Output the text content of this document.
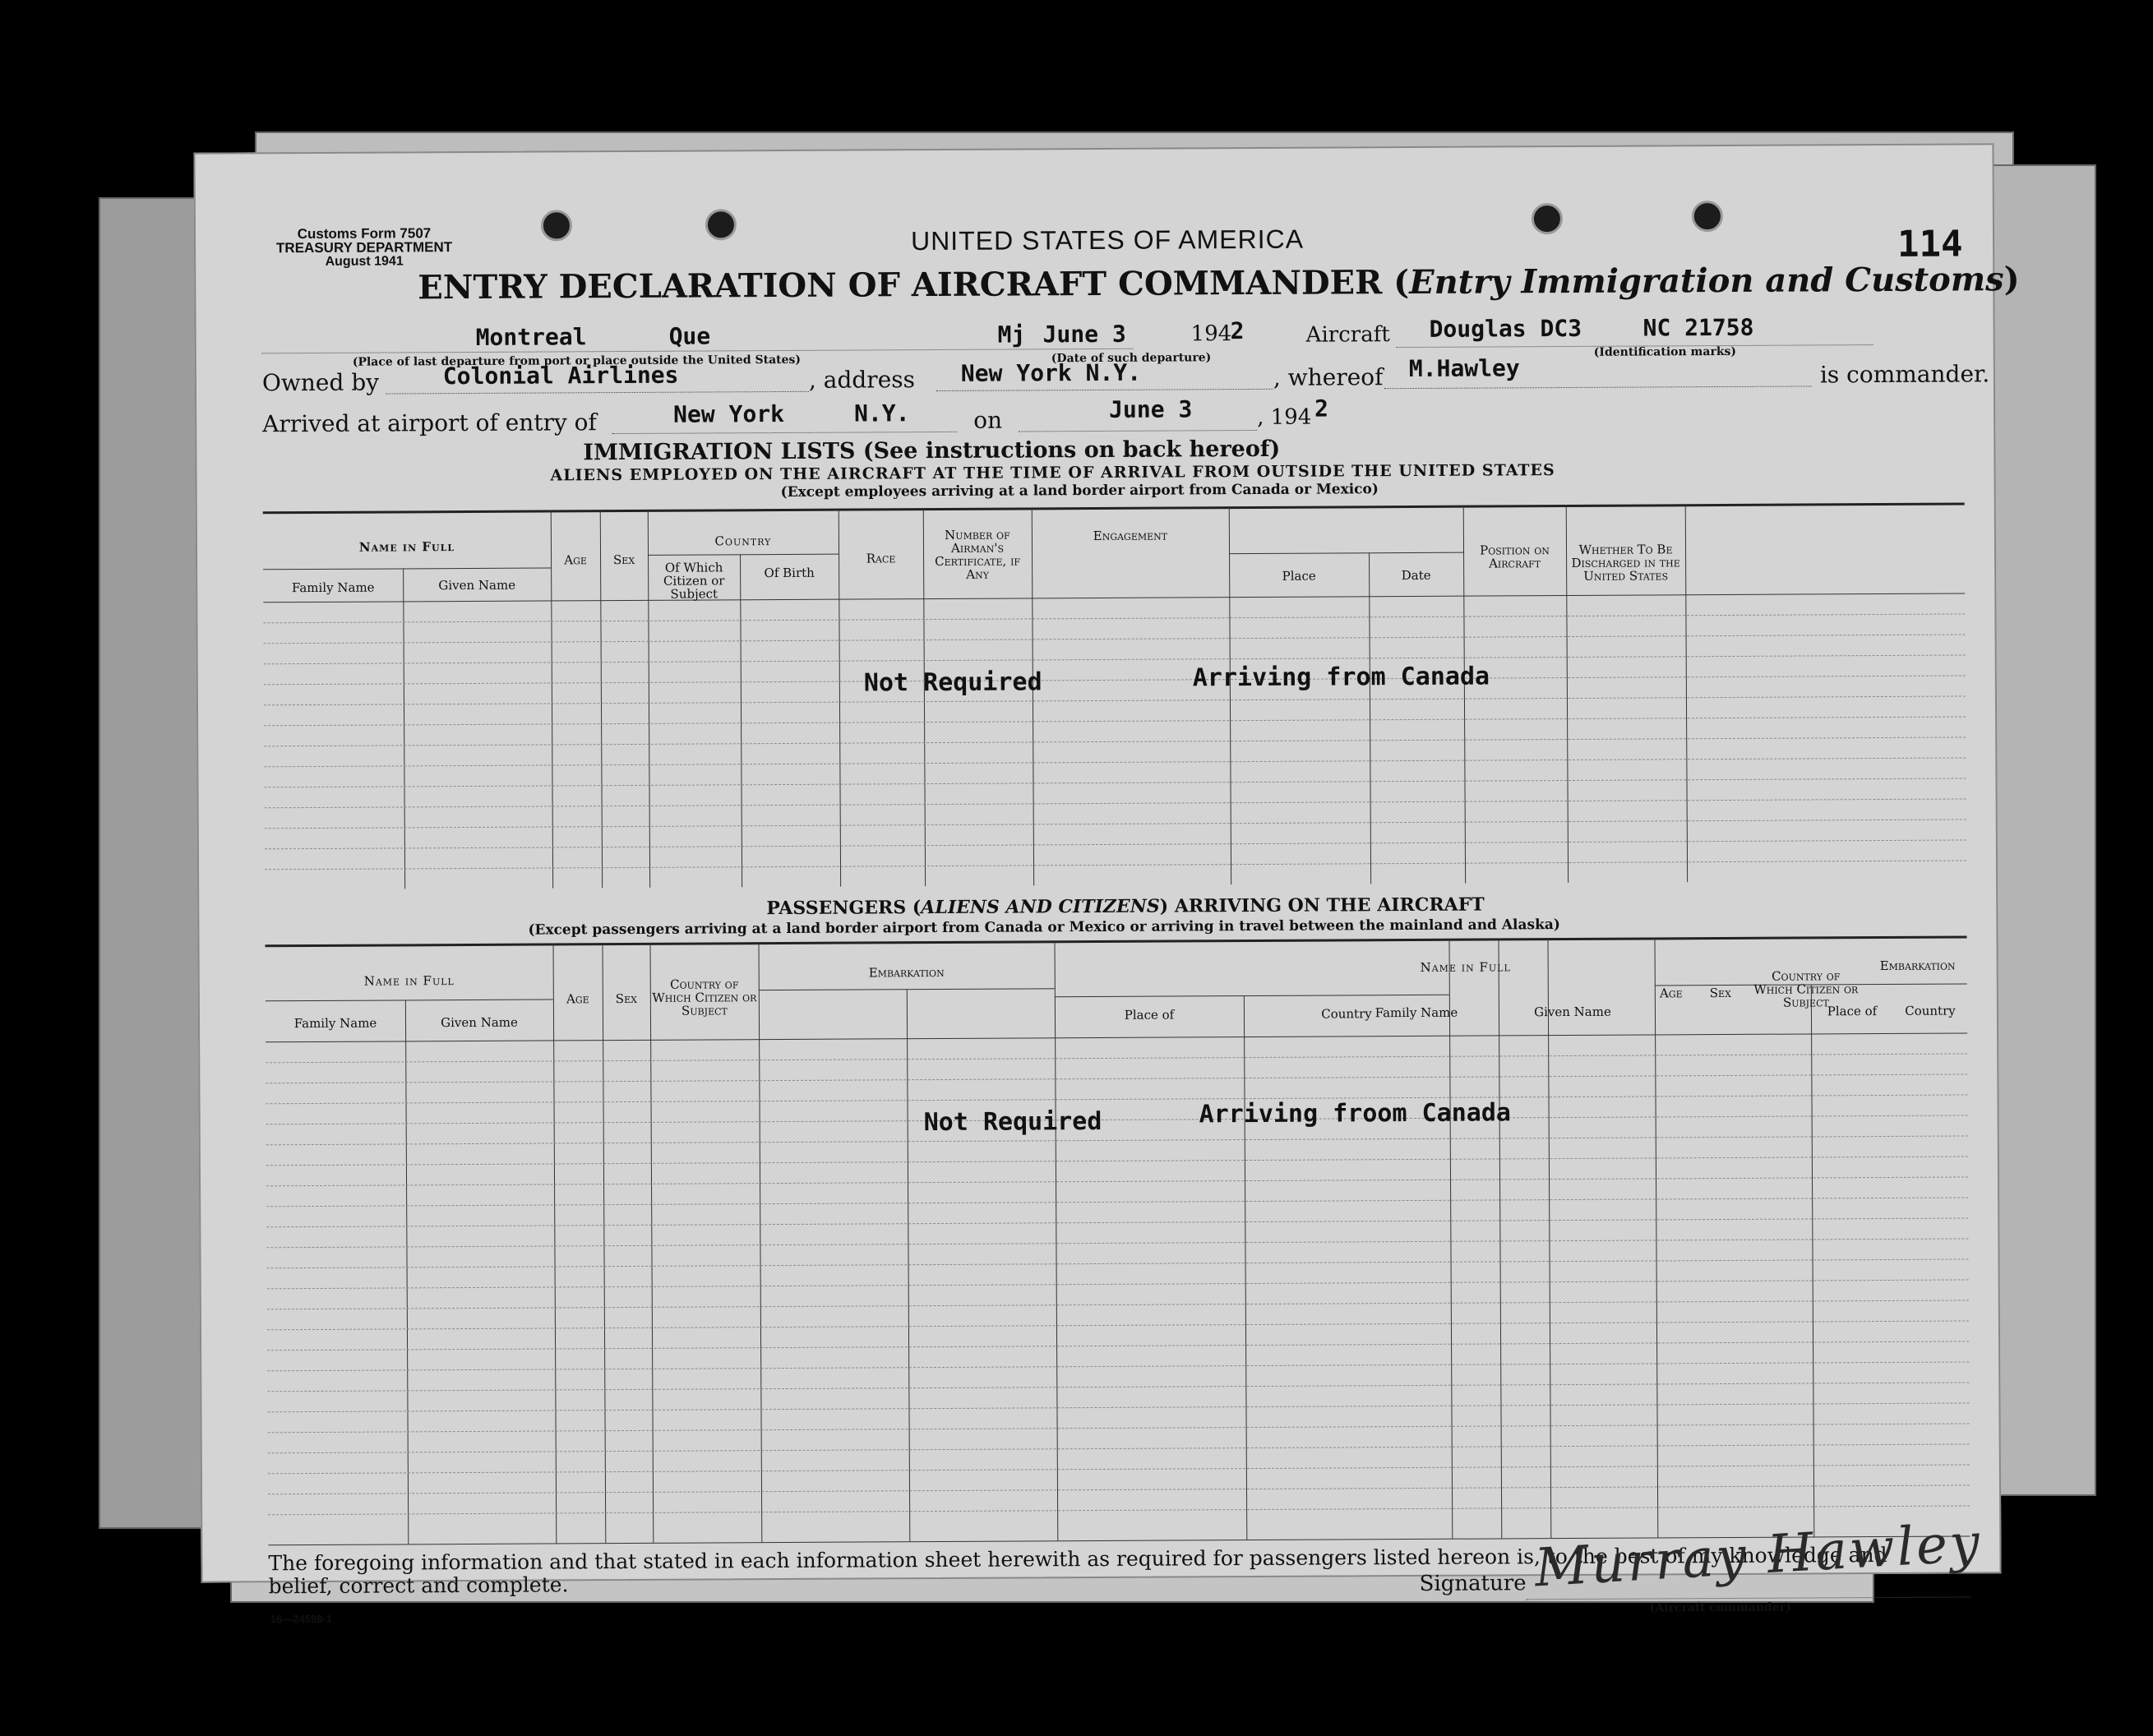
Customs Form 7507
TREASURY DEPARTMENT
August 1941
UNITED STATES OF AMERICA	114
ENTRY DECLARATION OF AIRCRAFT COMMANDER (Entry Immigration and Customs)
Montreal	Que	Mj June 3	194
2	Aircraft Douglas DC3	NC 21758
(Place of last departure from port or place outside the United States)	(Date of such departure)	(Identification marks)
Owned by	Colonial Airlines	, address New York N.Y.	, whereof M.Hawley	is commander.
Arrived at airport of entry of	New York	N.Y.	on	June 3	, 194 2
IMMIGRATION LISTS (See instructions on back hereof)
ALIENS EMPLOYED ON THE AIRCRAFT AT THE TIME OF ARRIVAL FROM OUTSIDE THE UNITED STATES
(Except employees arriving at a land border airport from Canada or Mexico)
Name in Full
Family Name	Given Name
Age	Sex
Country
Of Which Citizen or Subject
Of Birth
Race
Number of Airman's Certificate, if Any
Engagement
Place	Date
Position on Aircraft
Whether To Be Discharged in the United States
Not Required	Arriving from Canada
PASSENGERS (ALIENS AND CITIZENS) ARRIVING ON THE AIRCRAFT
(Except passengers arriving at a land border airport from Canada or Mexico or arriving in travel between the mainland and Alaska)
Name in Full
Family Name	Given Name
Age	Sex
Country of Which Citizen or Subject
Embarkation
Place of	Country
Name in Full
Family Name	Given Name
Age	Sex
Country of Which Citizen or Subject
Embarkation
Place of	Country
Not Required	Arriving froom Canada
The foregoing information and that stated in each information sheet herewith as required for passengers listed hereon is, to the best of my knowledge and
belief, correct and complete.
16—24598-1
Signature Murray Hawley
(Aircraft commander)
